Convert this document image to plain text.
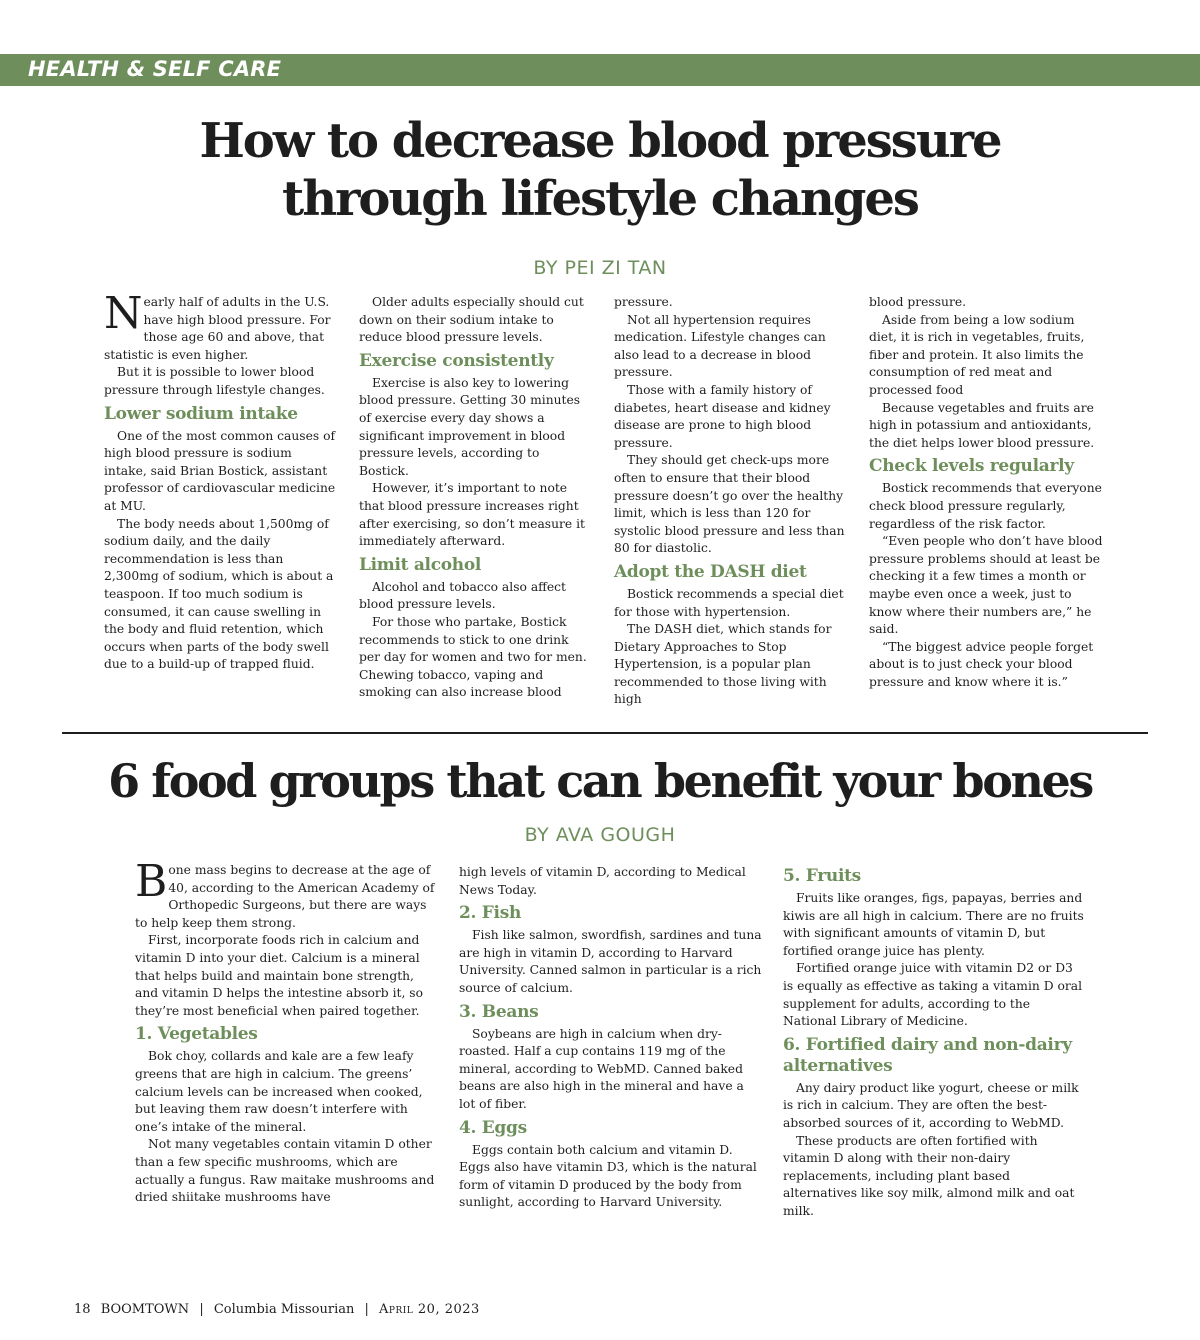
HEALTH & SELF CARE
How to decrease blood pressure
through lifestyle changes
BY PEI ZI TAN

Nearly half of adults in the U.S. have high blood pressure. For those age 60 and above, that statistic is even higher.

But it is possible to lower blood pressure through lifestyle changes.

Lower sodium intake

One of the most common causes of high blood pressure is sodium intake, said Brian Bostick, assistant professor of cardiovascular medicine at MU.

The body needs about 1,500mg of sodium daily, and the daily recommendation is less than 2,300mg of sodium, which is about a teaspoon. If too much sodium is consumed, it can cause swelling in the body and fluid retention, which occurs when parts of the body swell due to a build-up of trapped fluid.

Older adults especially should cut down on their sodium intake to reduce blood pressure levels.

Exercise consistently

Exercise is also key to lowering blood pressure. Getting 30 minutes of exercise every day shows a significant improvement in blood pressure levels, according to Bostick.

However, it’s important to note that blood pressure increases right after exercising, so don’t measure it immediately afterward.

Limit alcohol

Alcohol and tobacco also affect blood pressure levels.

For those who partake, Bostick recommends to stick to one drink per day for women and two for men. Chewing tobacco, vaping and smoking can also increase blood

pressure.

Not all hypertension requires medication. Lifestyle changes can also lead to a decrease in blood pressure.

Those with a family history of diabetes, heart disease and kidney disease are prone to high blood pressure.

They should get check-ups more often to ensure that their blood pressure doesn’t go over the healthy limit, which is less than 120 for systolic blood pressure and less than 80 for diastolic.

Adopt the DASH diet

Bostick recommends a special diet for those with hypertension.

The DASH diet, which stands for Dietary Approaches to Stop Hypertension, is a popular plan recommended to those living with high

blood pressure.

Aside from being a low sodium diet, it is rich in vegetables, fruits, fiber and protein. It also limits the consumption of red meat and processed food

Because vegetables and fruits are high in potassium and antioxidants, the diet helps lower blood pressure.

Check levels regularly

Bostick recommends that everyone check blood pressure regularly, regardless of the risk factor.

“Even people who don’t have blood pressure problems should at least be checking it a few times a month or maybe even once a week, just to know where their numbers are,” he said.

“The biggest advice people forget about is to just check your blood pressure and know where it is.”

6 food groups that can benefit your bones
BY AVA GOUGH

Bone mass begins to decrease at the age of 40, according to the American Academy of Orthopedic Surgeons, but there are ways to help keep them strong.

First, incorporate foods rich in calcium and vitamin D into your diet. Calcium is a mineral that helps build and maintain bone strength, and vitamin D helps the intestine absorb it, so they’re most beneficial when paired together.

1. Vegetables

Bok choy, collards and kale are a few leafy greens that are high in calcium. The greens’ calcium levels can be increased when cooked, but leaving them raw doesn’t interfere with one’s intake of the mineral.

Not many vegetables contain vitamin D other than a few specific mushrooms, which are actually a fungus. Raw maitake mushrooms and dried shiitake mushrooms have

high levels of vitamin D, according to Medical News Today.

2. Fish

Fish like salmon, swordfish, sardines and tuna are high in vitamin D, according to Harvard University. Canned salmon in particular is a rich source of calcium.

3. Beans

Soybeans are high in calcium when dry-roasted. Half a cup contains 119 mg of the mineral, according to WebMD. Canned baked beans are also high in the mineral and have a lot of fiber.

4. Eggs

Eggs contain both calcium and vitamin D. Eggs also have vitamin D3, which is the natural form of vitamin D produced by the body from sunlight, according to Harvard University.

5. Fruits

Fruits like oranges, figs, papayas, berries and kiwis are all high in calcium. There are no fruits with significant amounts of vitamin D, but fortified orange juice has plenty.

Fortified orange juice with vitamin D2 or D3 is equally as effective as taking a vitamin D oral supplement for adults, according to the National Library of Medicine.

6. Fortified dairy and non-dairy alternatives

Any dairy product like yogurt, cheese or milk is rich in calcium. They are often the best-absorbed sources of it, according to WebMD.

These products are often fortified with vitamin D along with their non-dairy replacements, including plant based alternatives like soy milk, almond milk and oat milk.

18 BOOMTOWN | Columbia Missourian | April 20, 2023
